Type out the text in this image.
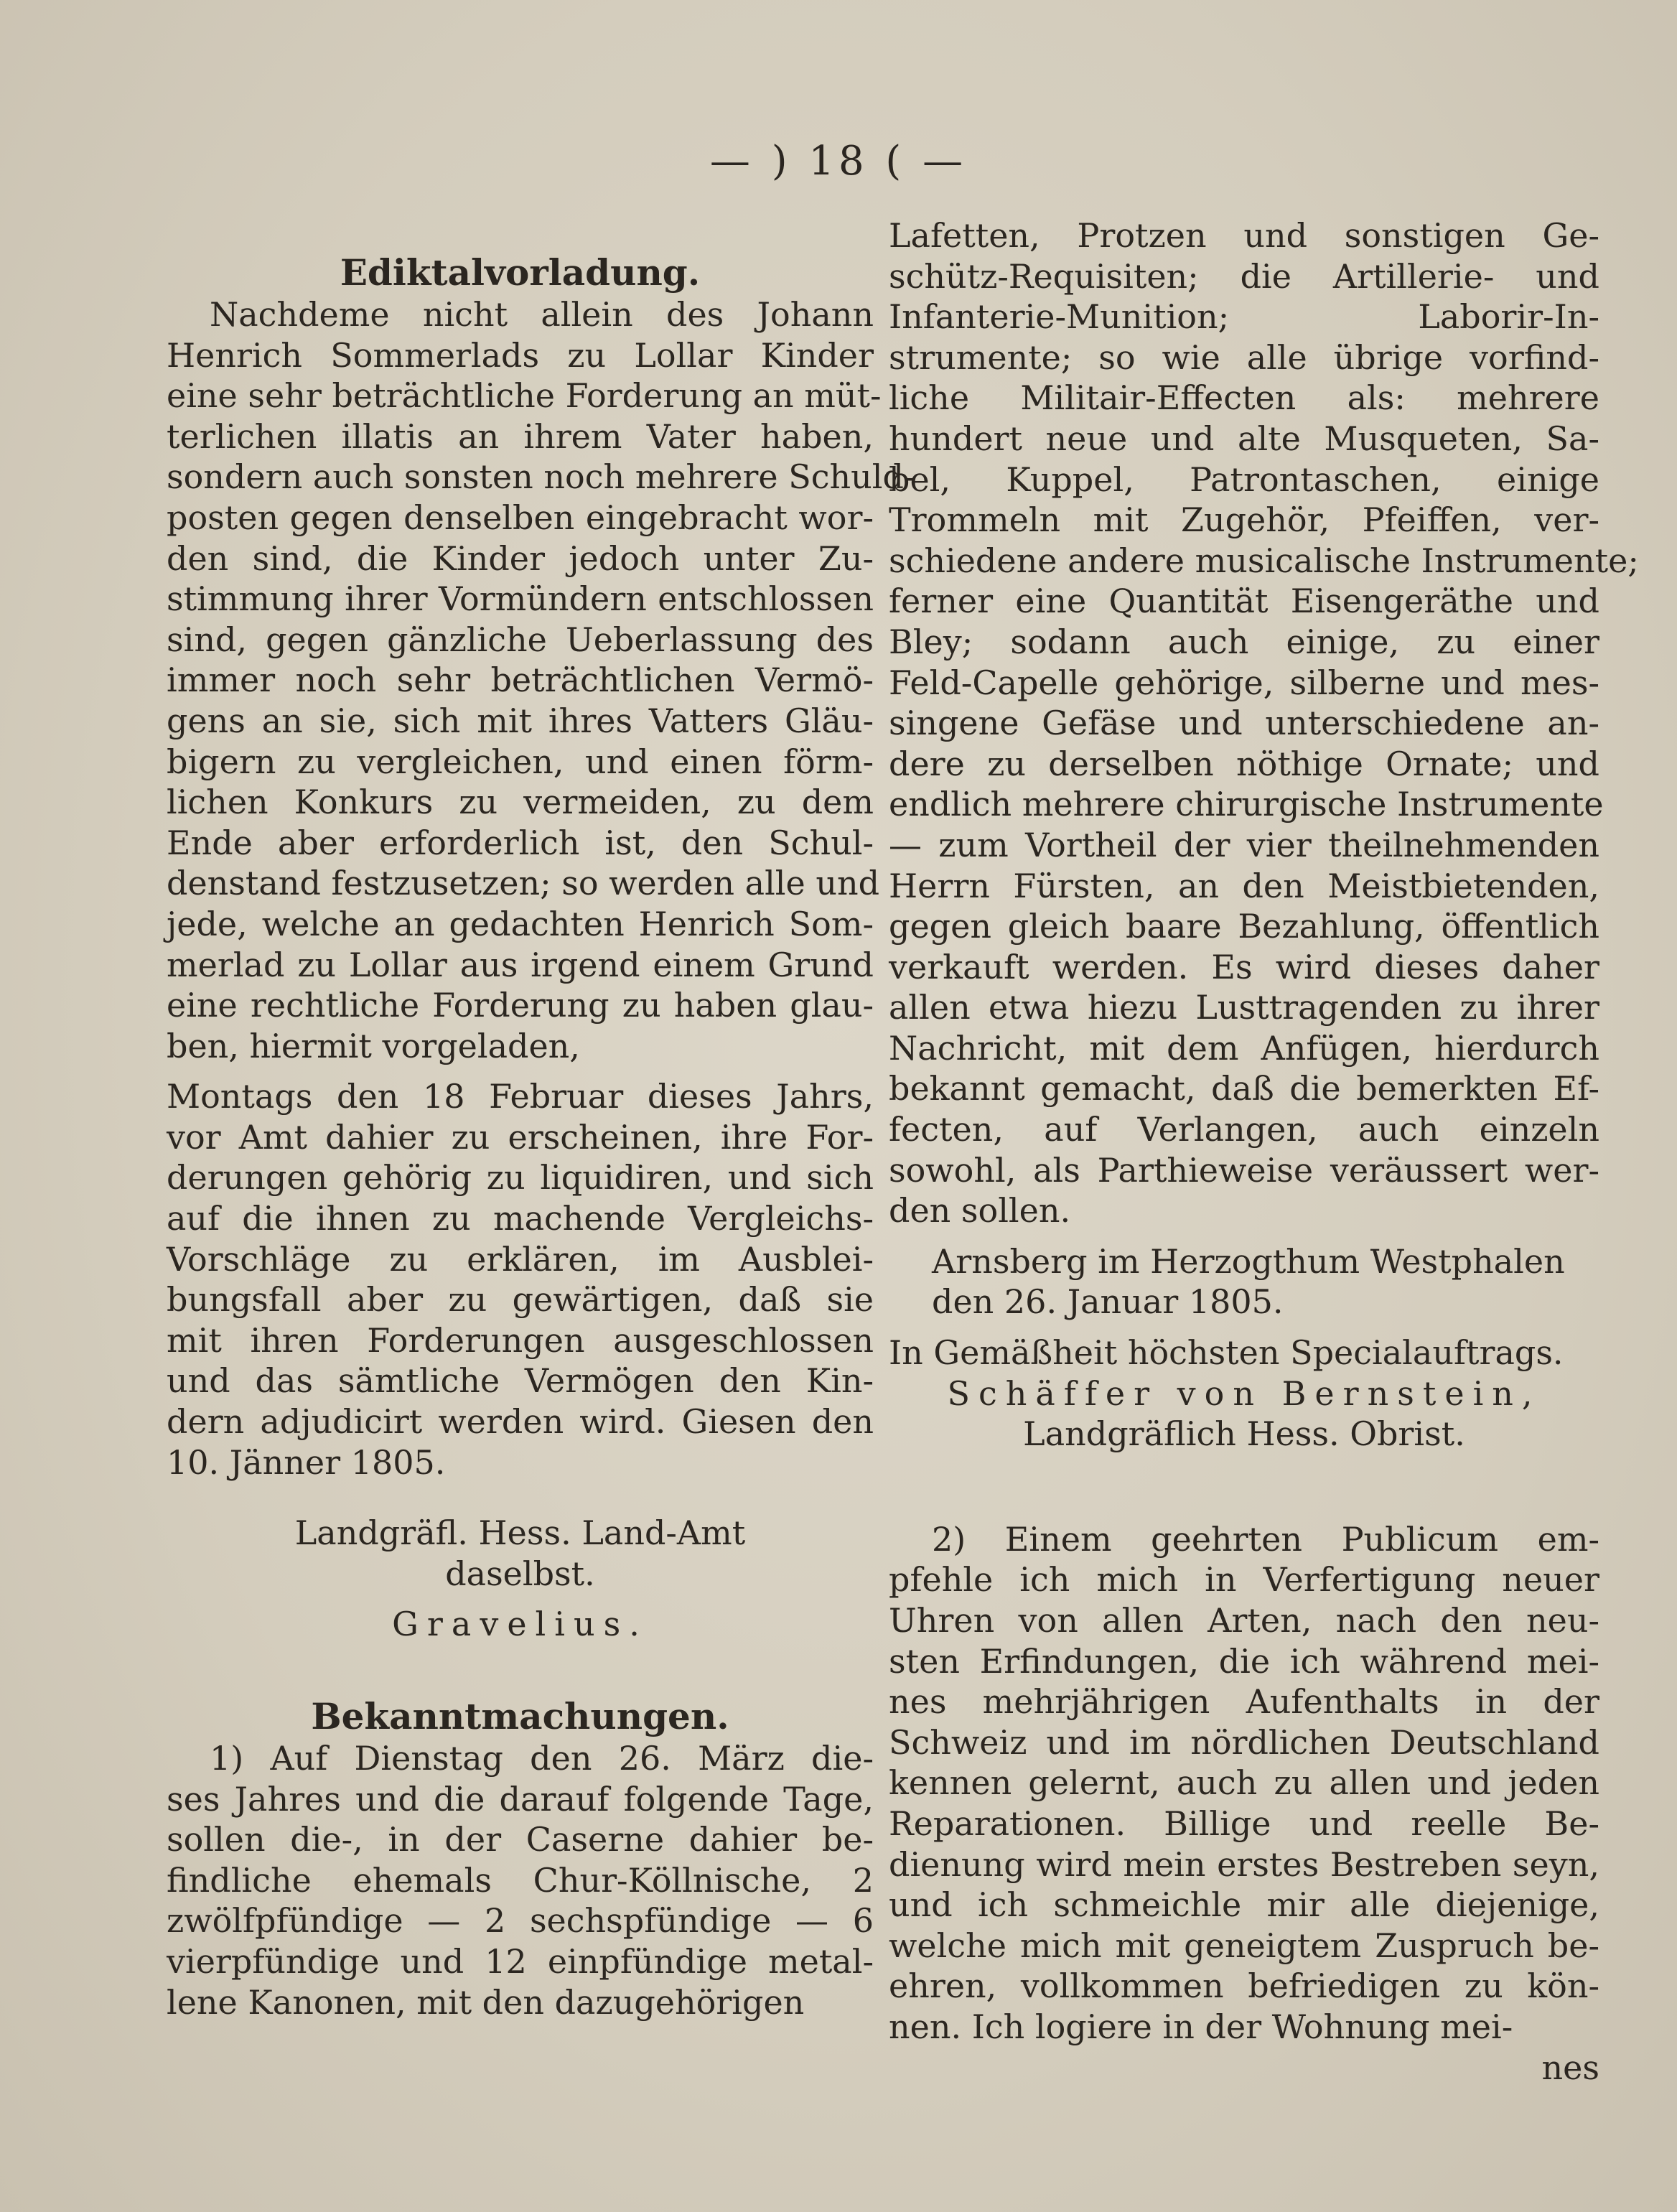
— ) 18 ( —
Ediktalvorladung.
Nachdeme nicht allein des Johann
Henrich Sommerlads zu Lollar Kinder
eine sehr beträchtliche Forderung an müt-
terlichen illatis an ihrem Vater haben,
sondern auch sonsten noch mehrere Schuld-
posten gegen denselben eingebracht wor-
den sind, die Kinder jedoch unter Zu-
stimmung ihrer Vormündern entschlossen
sind, gegen gänzliche Ueberlassung des
immer noch sehr beträchtlichen Vermö-
gens an sie, sich mit ihres Vatters Gläu-
bigern zu vergleichen, und einen förm-
lichen Konkurs zu vermeiden, zu dem
Ende aber erforderlich ist, den Schul-
denstand festzusetzen; so werden alle und
jede, welche an gedachten Henrich Som-
merlad zu Lollar aus irgend einem Grund
eine rechtliche Forderung zu haben glau-
ben, hiermit vorgeladen,
Montags den 18 Februar dieses Jahrs,
vor Amt dahier zu erscheinen, ihre For-
derungen gehörig zu liquidiren, und sich
auf die ihnen zu machende Vergleichs-
Vorschläge zu erklären, im Ausblei-
bungsfall aber zu gewärtigen, daß sie
mit ihren Forderungen ausgeschlossen
und das sämtliche Vermögen den Kin-
dern adjudicirt werden wird. Giesen den
10. Jänner 1805.
Landgräfl. Hess. Land-Amt
daselbst.
Gravelius.
Bekanntmachungen.
1) Auf Dienstag den 26. März die-
ses Jahres und die darauf folgende Tage,
sollen die-, in der Caserne dahier be-
findliche ehemals Chur-Köllnische, 2
zwölfpfündige — 2 sechspfündige — 6
vierpfündige und 12 einpfündige metal-
lene Kanonen, mit den dazugehörigen
Lafetten, Protzen und sonstigen Ge-
schütz-Requisiten; die Artillerie- und
Infanterie-Munition; Laborir-In-
strumente; so wie alle übrige vorfind-
liche Militair-Effecten als: mehrere
hundert neue und alte Musqueten, Sa-
bel, Kuppel, Patrontaschen, einige
Trommeln mit Zugehör, Pfeiffen, ver-
schiedene andere musicalische Instrumente;
ferner eine Quantität Eisengeräthe und
Bley; sodann auch einige, zu einer
Feld-Capelle gehörige, silberne und mes-
singene Gefäse und unterschiedene an-
dere zu derselben nöthige Ornate; und
endlich mehrere chirurgische Instrumente
— zum Vortheil der vier theilnehmenden
Herrn Fürsten, an den Meistbietenden,
gegen gleich baare Bezahlung, öffentlich
verkauft werden. Es wird dieses daher
allen etwa hiezu Lusttragenden zu ihrer
Nachricht, mit dem Anfügen, hierdurch
bekannt gemacht, daß die bemerkten Ef-
fecten, auf Verlangen, auch einzeln
sowohl, als Parthieweise veräussert wer-
den sollen.
Arnsberg im Herzogthum Westphalen
den 26. Januar 1805.
In Gemäßheit höchsten Specialauftrags.
Schäffer von Bernstein,
Landgräflich Hess. Obrist.
2) Einem geehrten Publicum em-
pfehle ich mich in Verfertigung neuer
Uhren von allen Arten, nach den neu-
sten Erfindungen, die ich während mei-
nes mehrjährigen Aufenthalts in der
Schweiz und im nördlichen Deutschland
kennen gelernt, auch zu allen und jeden
Reparationen. Billige und reelle Be-
dienung wird mein erstes Bestreben seyn,
und ich schmeichle mir alle diejenige,
welche mich mit geneigtem Zuspruch be-
ehren, vollkommen befriedigen zu kön-
nen. Ich logiere in der Wohnung mei-
nes
